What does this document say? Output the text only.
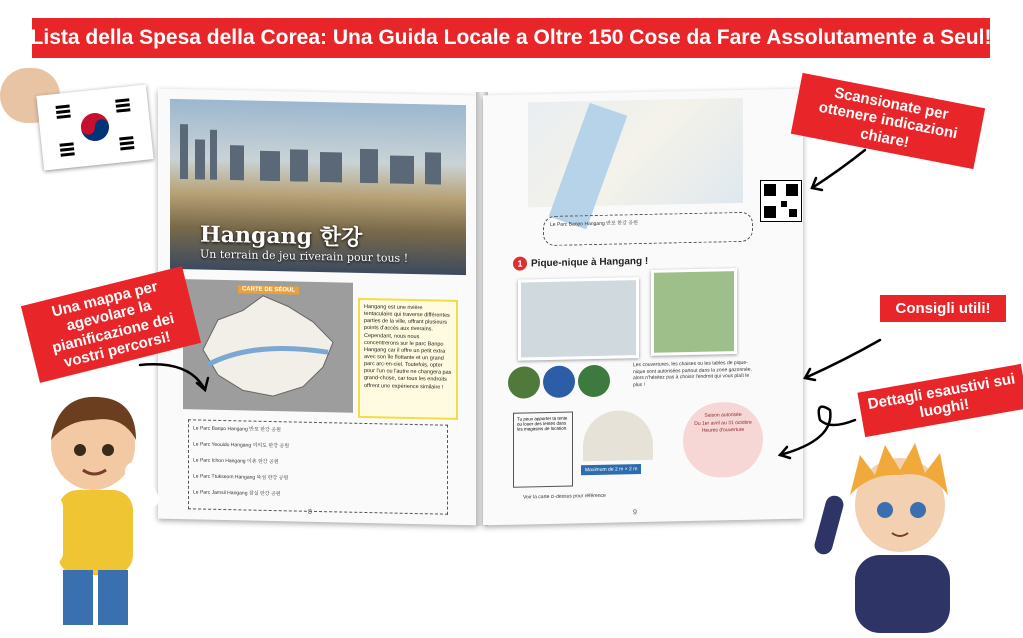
Lista della Spesa della Corea: Una Guida Locale a Oltre 150 Cose da Fare Assolutamente a Seul!
Hangang 한강
Un terrain de jeu riverain pour tous !
CARTE DE SÉOUL
Hangang est une rivière tentaculaire qui traverse différentes parties de la ville, offrant plusieurs points d'accès aux riverains. Cependant, nous nous concentrerons sur le parc Banpo Hangang car il offre un petit extra avec son île flottante et un grand parc arc-en-ciel. Toutefois, opter pour l'un ou l'autre ne changera pas grand-chose, car tous les endroits offrent une expérience similaire !
Le Parc Banpo Hangang 반포 한강 공원
Le Parc Yeouido Hangang 여의도 한강 공원
Le Parc Ichon Hangang 이촌 한강 공원
Le Parc Ttukseom Hangang 뚝섬 한강 공원
Le Parc Jamsil Hangang 잠실 한강 공원
8
Le Parc Banpo Hangang 반포 한강 공원
1 Pique-nique à Hangang !
Les couvertures, les chaises ou les tables de pique-nique sont autorisées partout dans la zone gazonnée, alors n'hésitez pas à choisir l'endroit qui vous plaît le plus !
Tu peux apporter ta tente ou louer des tentes dans les magasins de location.
Maximum de 2 m × 2 m
Saison autorisée
Du 1er avril au 31 octobre
Heures d'ouverture
Voir la carte ci-dessus pour référence
9
Una mappa per agevolare la pianificazione dei vostri percorsi!
Scansionate per ottenere indicazioni chiare!
Consigli utili!
Dettagli esaustivi sui luoghi!
